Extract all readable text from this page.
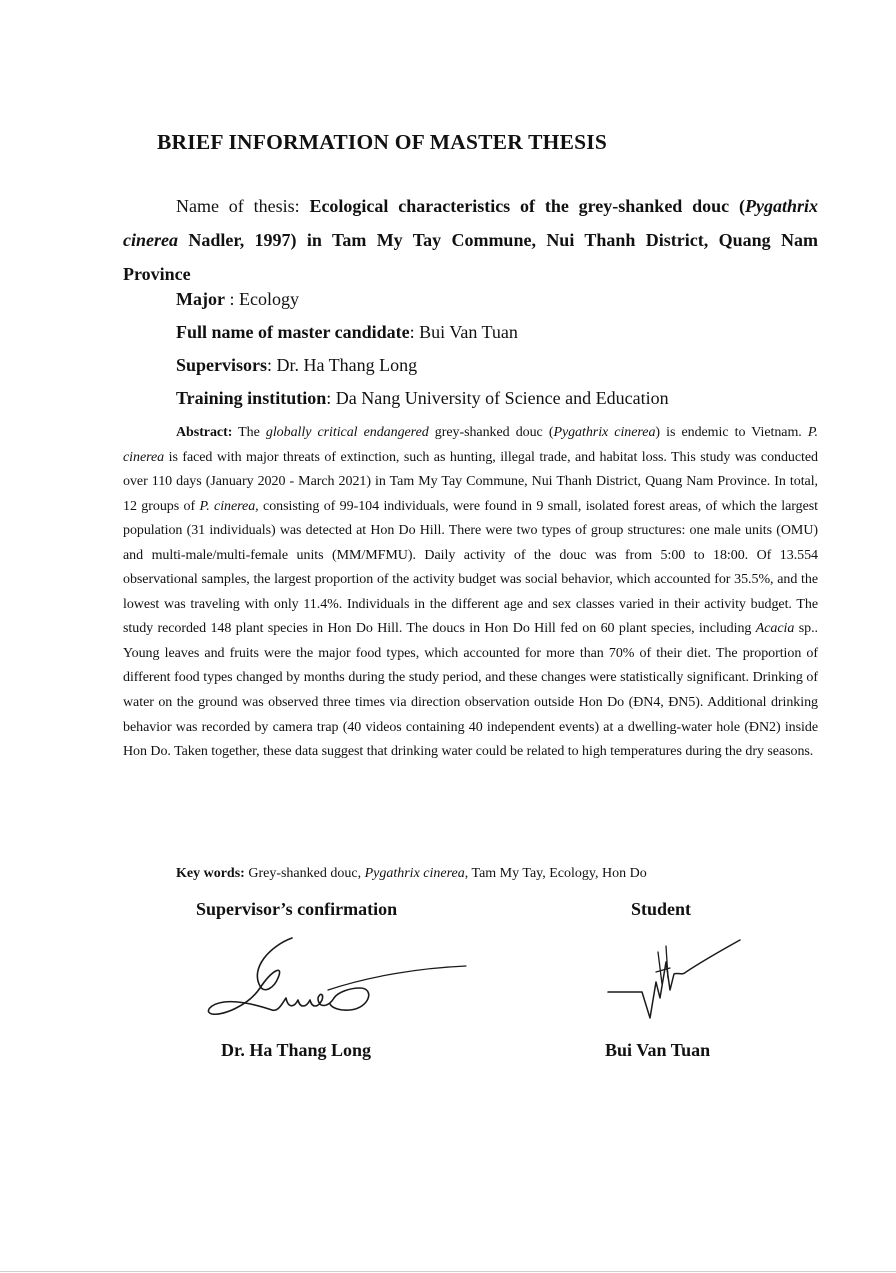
BRIEF INFORMATION OF MASTER THESIS
Name of thesis: Ecological characteristics of the grey-shanked douc (Pygathrix cinerea Nadler, 1997) in Tam My Tay Commune, Nui Thanh District, Quang Nam Province
Major : Ecology
Full name of master candidate: Bui Van Tuan
Supervisors: Dr. Ha Thang Long
Training institution: Da Nang University of Science and Education
Abstract: The globally critical endangered grey-shanked douc (Pygathrix cinerea) is endemic to Vietnam. P. cinerea is faced with major threats of extinction, such as hunting, illegal trade, and habitat loss. This study was conducted over 110 days (January 2020 - March 2021) in Tam My Tay Commune, Nui Thanh District, Quang Nam Province. In total, 12 groups of P. cinerea, consisting of 99-104 individuals, were found in 9 small, isolated forest areas, of which the largest population (31 individuals) was detected at Hon Do Hill. There were two types of group structures: one male units (OMU) and multi-male/multi-female units (MM/MFMU). Daily activity of the douc was from 5:00 to 18:00. Of 13.554 observational samples, the largest proportion of the activity budget was social behavior, which accounted for 35.5%, and the lowest was traveling with only 11.4%. Individuals in the different age and sex classes varied in their activity budget. The study recorded 148 plant species in Hon Do Hill. The doucs in Hon Do Hill fed on 60 plant species, including Acacia sp.. Young leaves and fruits were the major food types, which accounted for more than 70% of their diet. The proportion of different food types changed by months during the study period, and these changes were statistically significant. Drinking of water on the ground was observed three times via direction observation outside Hon Do (ĐN4, ĐN5). Additional drinking behavior was recorded by camera trap (40 videos containing 40 independent events) at a dwelling-water hole (ĐN2) inside Hon Do. Taken together, these data suggest that drinking water could be related to high temperatures during the dry seasons.
Key words: Grey-shanked douc, Pygathrix cinerea, Tam My Tay, Ecology, Hon Do
Supervisor’s confirmation	Student
Dr. Ha Thang Long	Bui Van Tuan
